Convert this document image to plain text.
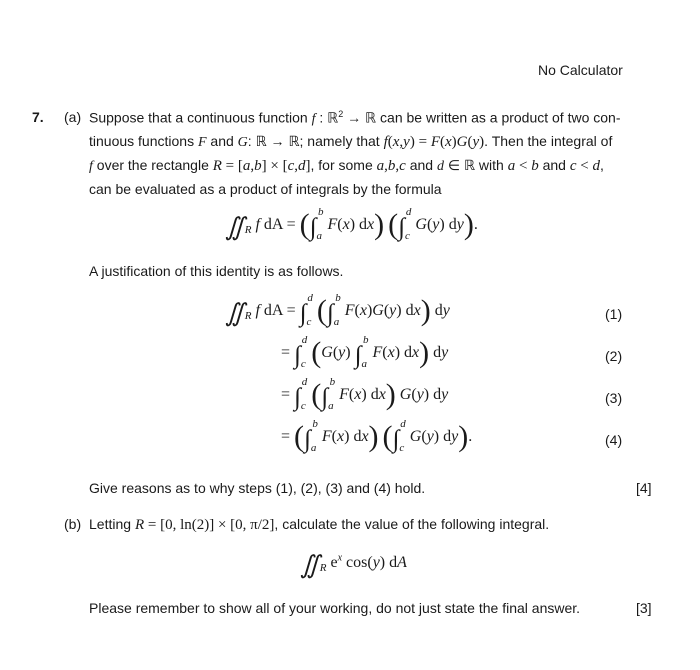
No Calculator
7. (a) Suppose that a continuous function f : ℝ$^2$ → ℝ can be written as a product of two con-
tinuous functions F and G: ℝ → ℝ; namely that f(x,y) = F(x)G(y). Then the integral of
f over the rectangle R = [a,b] × [c,d], for some a,b,c and d ∈ ℝ with a < b and c < d,
can be evaluated as a product of integrals by the formula
$∬_R$ f dA = ($\int_a^b$ F(x) dx) ($\int_c^d$ G(y) dy).
A justification of this identity is as follows.
$∬_R$ f dA = $\int_c^d$ ($\int_a^b$ F(x)G(y) dx) dy	(1)
= $\int_c^d$ (G(y) $\int_a^b$ F(x) dx) dy	(2)
= $\int_c^d$ ($\int_a^b$ F(x) dx) G(y) dy	(3)
= ($\int_a^b$ F(x) dx) ($\int_c^d$ G(y) dy).	(4)
Give reasons as to why steps (1), (2), (3) and (4) hold.	[4]
(b) Letting R = [0, ln(2)] × [0, π/2], calculate the value of the following integral.
$∬_R$ $e^x$ cos(y) dA
Please remember to show all of your working, do not just state the final answer.	[3]
